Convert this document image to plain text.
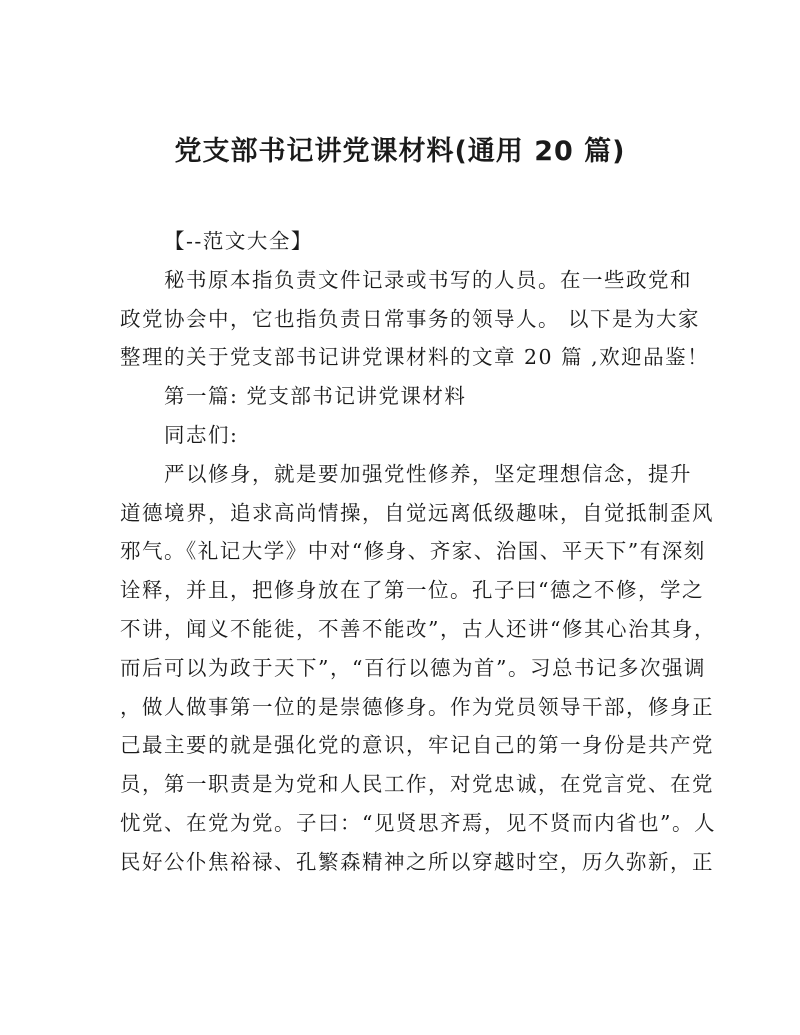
党支部书记讲党课材料(通用 20 篇)
【--范文大全】
秘书原本指负责文件记录或书写的人员。在一些政党和
政党协会中，它也指负责日常事务的领导人。 以下是为大家
整理的关于党支部书记讲党课材料的文章 20 篇 ,欢迎品鉴！
第一篇: 党支部书记讲党课材料
同志们:
严以修身，就是要加强党性修养，坚定理想信念，提升
道德境界，追求高尚情操，自觉远离低级趣味，自觉抵制歪风
邪气。《礼记大学》中对“修身、齐家、治国、平天下”有深刻
诠释，并且，把修身放在了第一位。孔子曰“德之不修，学之
不讲，闻义不能徙，不善不能改”，古人还讲“修其心治其身，
而后可以为政于天下”，“百行以德为首”。习总书记多次强调
，做人做事第一位的是崇德修身。作为党员领导干部，修身正
己最主要的就是强化党的意识，牢记自己的第一身份是共产党
员，第一职责是为党和人民工作，对党忠诚，在党言党、在党
忧党、在党为党。子曰：“见贤思齐焉，见不贤而内省也”。人
民好公仆焦裕禄、孔繁森精神之所以穿越时空，历久弥新，正
